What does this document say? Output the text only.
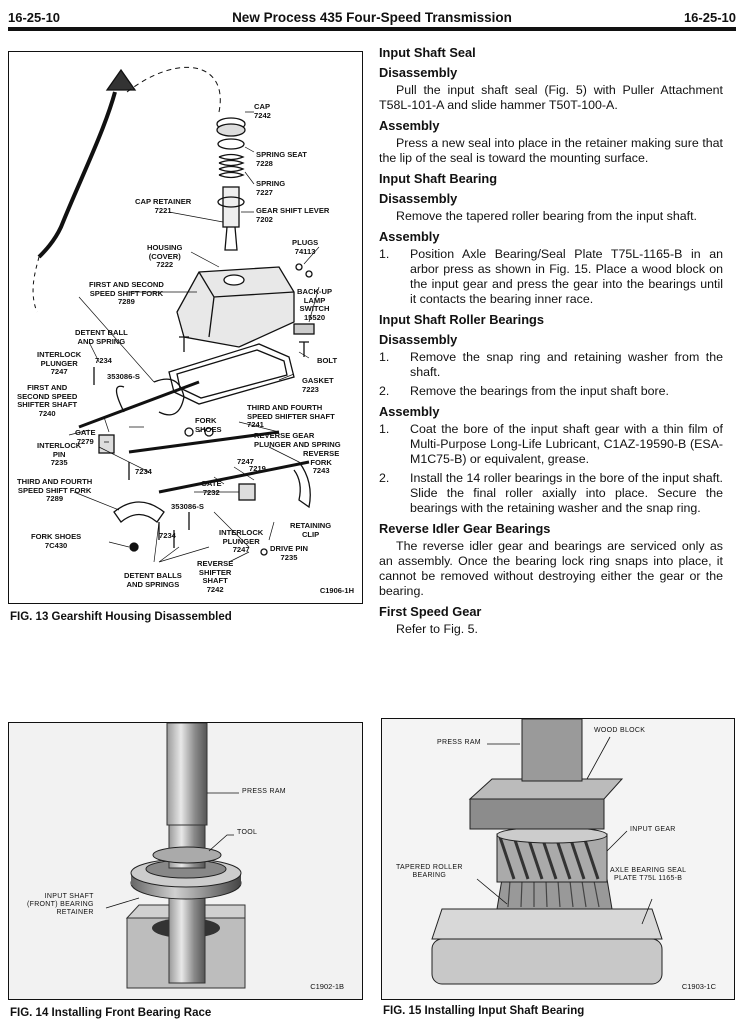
16-25-10	New Process 435 Four-Speed Transmission	16-25-10
CAP
7242
SPRING SEAT
7228
SPRING
7227
CAP RETAINER
7221	GEAR SHIFT LEVER
7202
PLUGS
74113
HOUSING
(COVER)
7222
FIRST AND SECOND
SPEED SHIFT FORK
7289
BACK-UP
LAMP
SWITCH
15520
DETENT BALL
AND SPRING
INTERLOCK
PLUNGER
7247
7234
353086-S
BOLT
GASKET
7223
FIRST AND
SECOND SPEED
SHIFTER SHAFT
7240
THIRD AND FOURTH
SPEED SHIFTER SHAFT
7241
FORK
SHOES
GATE
7279
REVERSE GEAR
PLUNGER AND SPRING
INTERLOCK
PIN
7235	7247
7219
REVERSE
FORK
7243
7234
THIRD AND FOURTH
SPEED SHIFT FORK
7289
GATE
7232
353086-S
RETAINING
CLIP
FORK SHOES
7C430
7234	INTERLOCK
PLUNGER
7247	DRIVE PIN
7235
DETENT BALLS
AND SPRINGS
REVERSE
SHIFTER
SHAFT
7242	C1906-1H
FIG. 13 Gearshift Housing Disassembled
PRESS RAM
TOOL
INPUT SHAFT
(FRONT) BEARING
RETAINER
C1902-1B
FIG. 14 Installing Front Bearing Race
WOOD BLOCK
PRESS RAM
INPUT GEAR
TAPERED ROLLER
BEARING
AXLE BEARING SEAL
PLATE T75L 1165-B
C1903-1C
FIG. 15 Installing Input Shaft Bearing
Input Shaft Seal
Disassembly
Pull the input shaft seal (Fig. 5) with Puller Attachment T58L-101-A and slide hammer T50T-100-A.
Assembly
Press a new seal into place in the retainer making sure that the lip of the seal is toward the mounting surface.
Input Shaft Bearing
Disassembly
Remove the tapered roller bearing from the input shaft.
Assembly
1.	Position Axle Bearing/Seal Plate T75L-1165-B in an arbor press as shown in Fig. 15. Place a wood block on the input gear and press the gear into the bearings until it contacts the bearing inner race.
Input Shaft Roller Bearings
Disassembly
1.	Remove the snap ring and retaining washer from the shaft.
2.	Remove the bearings from the input shaft bore.
Assembly
1.	Coat the bore of the input shaft gear with a thin film of Multi-Purpose Long-Life Lubricant, C1AZ-19590-B (ESA-M1C75-B) or equivalent, grease.
2.	Install the 14 roller bearings in the bore of the input shaft. Slide the final roller axially into place. Secure the bearings with the retaining washer and the snap ring.
Reverse Idler Gear Bearings
The reverse idler gear and bearings are serviced only as an assembly. Once the bearing lock ring snaps into place, it cannot be removed without destroying either the gear or the bearing.
First Speed Gear
Refer to Fig. 5.
